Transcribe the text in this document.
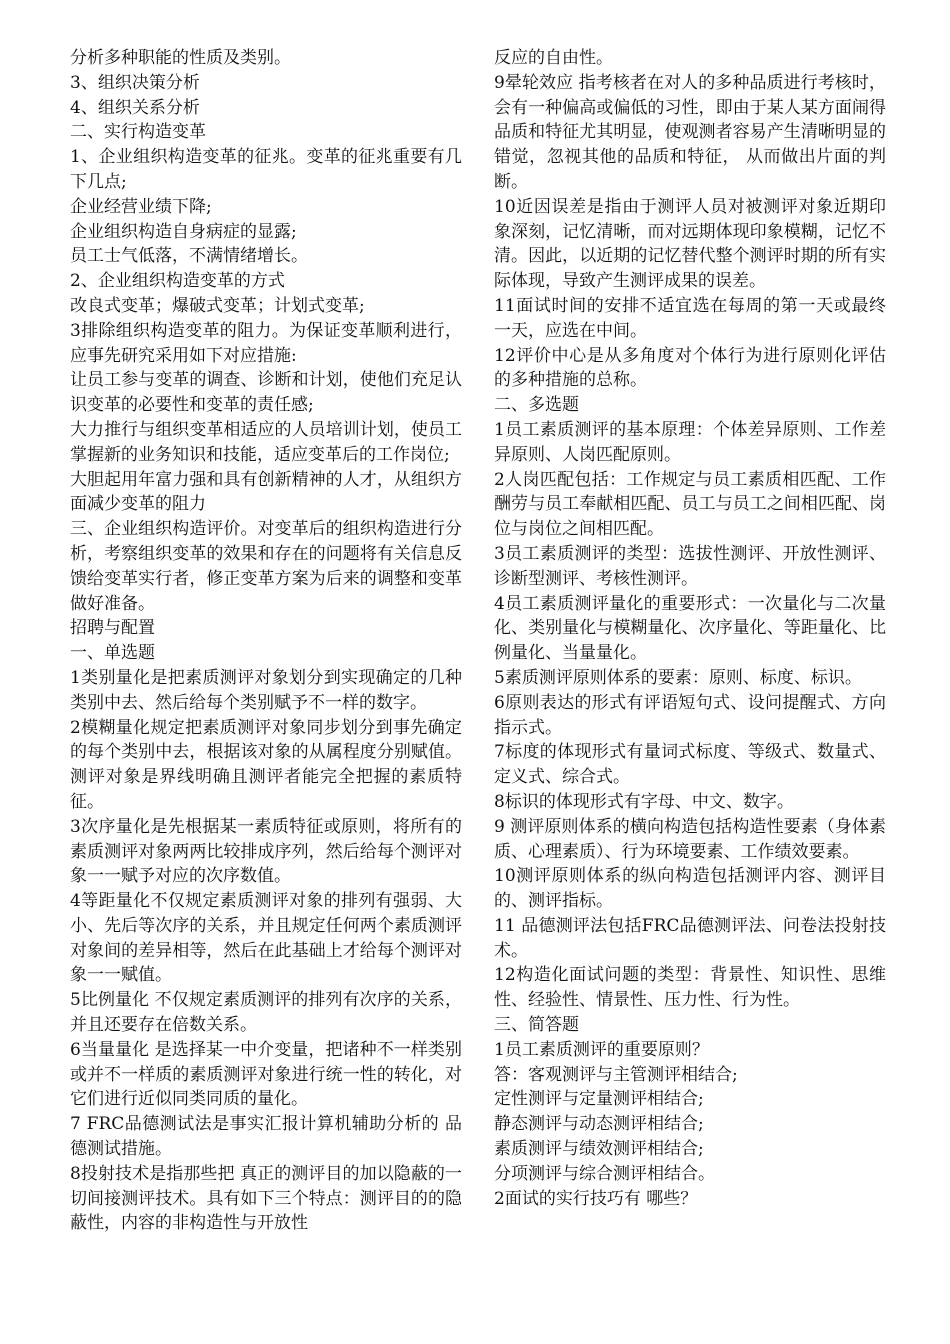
分析多种职能的性质及类别。

3、组织决策分析

4、组织关系分析

二、实行构造变革

1、企业组织构造变革的征兆。变革的征兆重要有几下几点;

企业经营业绩下降;

企业组织构造自身病症的显露;

员工士气低落，不满情绪增长。

2、企业组织构造变革的方式

改良式变革；爆破式变革；计划式变革;

3排除组织构造变革的阻力。为保证变革顺利进行，应事先研究采用如下对应措施:

让员工参与变革的调查、诊断和计划，使他们充足认识变革的必要性和变革的责任感;

大力推行与组织变革相适应的人员培训计划，使员工掌握新的业务知识和技能，适应变革后的工作岗位;

大胆起用年富力强和具有创新精神的人才，从组织方面减少变革的阻力

三、企业组织构造评价。对变革后的组织构造进行分析，考察组织变革的效果和存在的问题将有关信息反馈给变革实行者，修正变革方案为后来的调整和变革做好准备。

招聘与配置

一、单选题

1类别量化是把素质测评对象划分到实现确定的几种类别中去、然后给每个类别赋予不一样的数字。

2模糊量化规定把素质测评对象同步划分到事先确定的每个类别中去，根据该对象的从属程度分别赋值。测评对象是界线明确且测评者能完全把握的素质特征。

3次序量化是先根据某一素质特征或原则，将所有的素质测评对象两两比较排成序列，然后给每个测评对象一一赋予对应的次序数值。

4等距量化不仅规定素质测评对象的排列有强弱、大小、先后等次序的关系，并且规定任何两个素质测评对象间的差异相等，然后在此基础上才给每个测评对象一一赋值。

5比例量化 不仅规定素质测评的排列有次序的关系，并且还要存在倍数关系。

6当量量化 是选择某一中介变量，把诸种不一样类别或并不一样质的素质测评对象进行统一性的转化，对它们进行近似同类同质的量化。

7 FRC品德测试法是事实汇报计算机辅助分析的 品德测试措施。

8投射技术是指那些把 真正的测评目的加以隐蔽的一切间接测评技术。具有如下三个特点：测评目的的隐蔽性，内容的非构造性与开放性

反应的自由性。

9晕轮效应 指考核者在对人的多种品质进行考核时，会有一种偏高或偏低的习性，即由于某人某方面闹得品质和特征尤其明显，使观测者容易产生清晰明显的错觉，忽视其他的品质和特征， 从而做出片面的判断。

10近因误差是指由于测评人员对被测评对象近期印象深刻，记忆清晰，而对远期体现印象模糊，记忆不清。因此，以近期的记忆替代整个测评时期的所有实际体现，导致产生测评成果的误差。

11面试时间的安排不适宜选在每周的第一天或最终一天，应选在中间。

12评价中心是从多角度对个体行为进行原则化评估的多种措施的总称。

二、多选题

1员工素质测评的基本原理：个体差异原则、工作差异原则、人岗匹配原则。

2人岗匹配包括：工作规定与员工素质相匹配、工作酬劳与员工奉献相匹配、员工与员工之间相匹配、岗位与岗位之间相匹配。

3员工素质测评的类型：选拔性测评、开放性测评、诊断型测评、考核性测评。

4员工素质测评量化的重要形式：一次量化与二次量化、类别量化与模糊量化、次序量化、等距量化、比例量化、当量量化。

5素质测评原则体系的要素：原则、标度、标识。

6原则表达的形式有评语短句式、设问提醒式、方向指示式。

7标度的体现形式有量词式标度、等级式、数量式、定义式、综合式。

8标识的体现形式有字母、中文、数字。

9 测评原则体系的横向构造包括构造性要素（身体素质、心理素质）、行为环境要素、工作绩效要素。

10测评原则体系的纵向构造包括测评内容、测评目的、测评指标。

11 品德测评法包括FRC品德测评法、问卷法投射技术。

12构造化面试问题的类型：背景性、知识性、思维性、经验性、情景性、压力性、行为性。

三、简答题

1员工素质测评的重要原则？

答：客观测评与主管测评相结合;

定性测评与定量测评相结合;

静态测评与动态测评相结合;

素质测评与绩效测评相结合;

分项测评与综合测评相结合。

2面试的实行技巧有 哪些？
